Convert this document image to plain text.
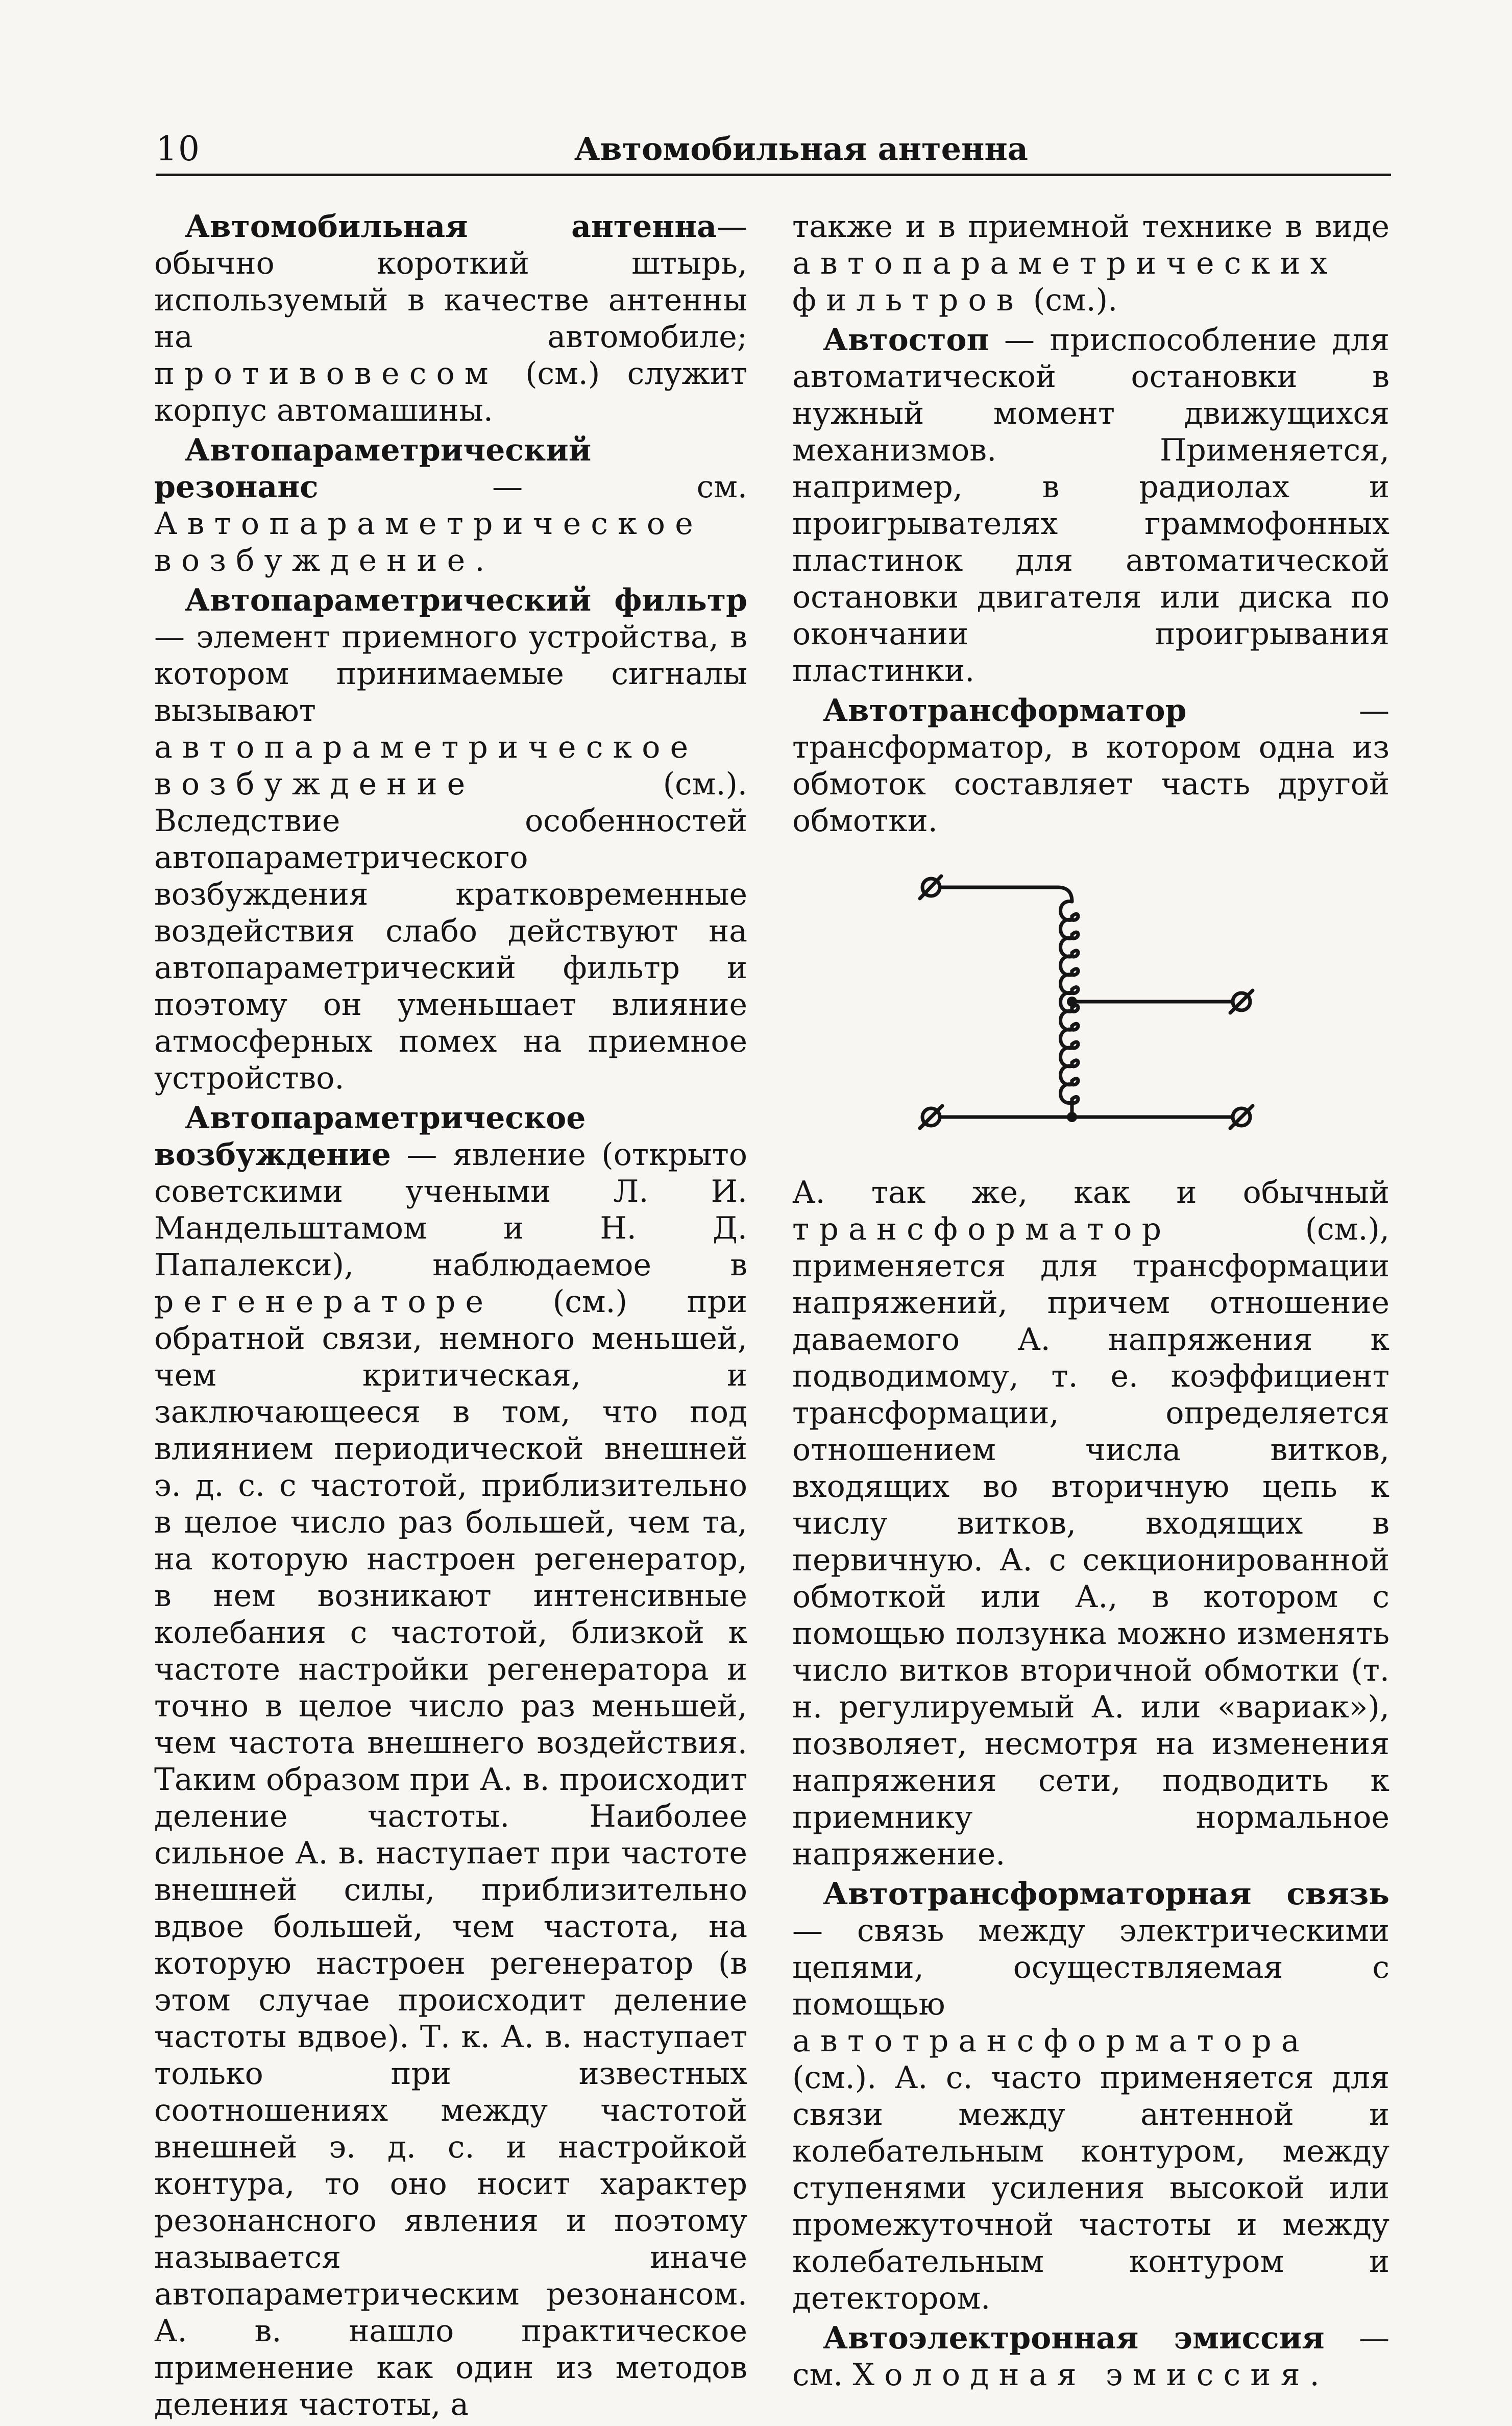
10	Автомобильная антенна

Автомобильная антенна—обычно короткий штырь, используемый в качестве антенны на автомобиле; противовесом (см.) служит корпус автомашины.

Автопараметрический резонанс — см. Автопараметрическое возбуждение.

Автопараметрический фильтр — элемент приемного устройства, в котором принимаемые сигналы вызывают автопараметрическое возбуждение (см.). Вследствие особенностей автопараметрического возбуждения кратковременные воздействия слабо действуют на автопараметрический фильтр и поэтому он уменьшает влияние атмосферных помех на приемное устройство.

Автопараметрическое возбуждение — явление (открыто советскими учеными Л. И. Мандельштамом и Н. Д. Папалекси), наблюдаемое в регенераторе (см.) при обратной связи, немного меньшей, чем критическая, и заключающееся в том, что под влиянием периодической внешней э. д. с. с частотой, приблизительно в целое число раз большей, чем та, на которую настроен регенератор, в нем возникают интенсивные колебания с частотой, близкой к частоте настройки регенератора и точно в целое число раз меньшей, чем частота внешнего воздействия. Таким образом при А. в. происходит деление частоты. Наиболее сильное А. в. наступает при частоте внешней силы, приблизительно вдвое большей, чем частота, на которую настроен регенератор (в этом случае происходит деление частоты вдвое). Т. к. А. в. наступает только при известных соотношениях между частотой внешней э. д. с. и настройкой контура, то оно носит характер резонансного явления и поэтому называется иначе автопараметрическим резонансом. А. в. нашло практическое применение как один из методов деления частоты, а

также и в приемной технике в виде автопараметрических фильтров (см.).

Автостоп — приспособление для автоматической остановки в нужный момент движущихся механизмов. Применяется, например, в радиолах и проигрывателях граммофонных пластинок для автоматической остановки двигателя или диска по окончании проигрывания пластинки.

Автотрансформатор — трансформатор, в котором одна из обмоток составляет часть другой обмотки.

А. так же, как и обычный трансформатор (см.), применяется для трансформации напряжений, причем отношение даваемого А. напряжения к подводимому, т. е. коэффициент трансформации, определяется отношением числа витков, входящих во вторичную цепь к числу витков, входящих в первичную. А. с секционированной обмоткой или А., в котором с помощью ползунка можно изменять число витков вторичной обмотки (т. н. регулируемый А. или «вариак»), позволяет, несмотря на изменения напряжения сети, подводить к приемнику нормальное напряжение.

Автотрансформаторная связь — связь между электрическими цепями, осуществляемая с помощью автотрансформатора (см.). А. с. часто применяется для связи между антенной и колебательным контуром, между ступенями усиления высокой или промежуточной частоты и между колебательным контуром и детектором.

Автоэлектронная эмиссия — см. Холодная эмиссия.
